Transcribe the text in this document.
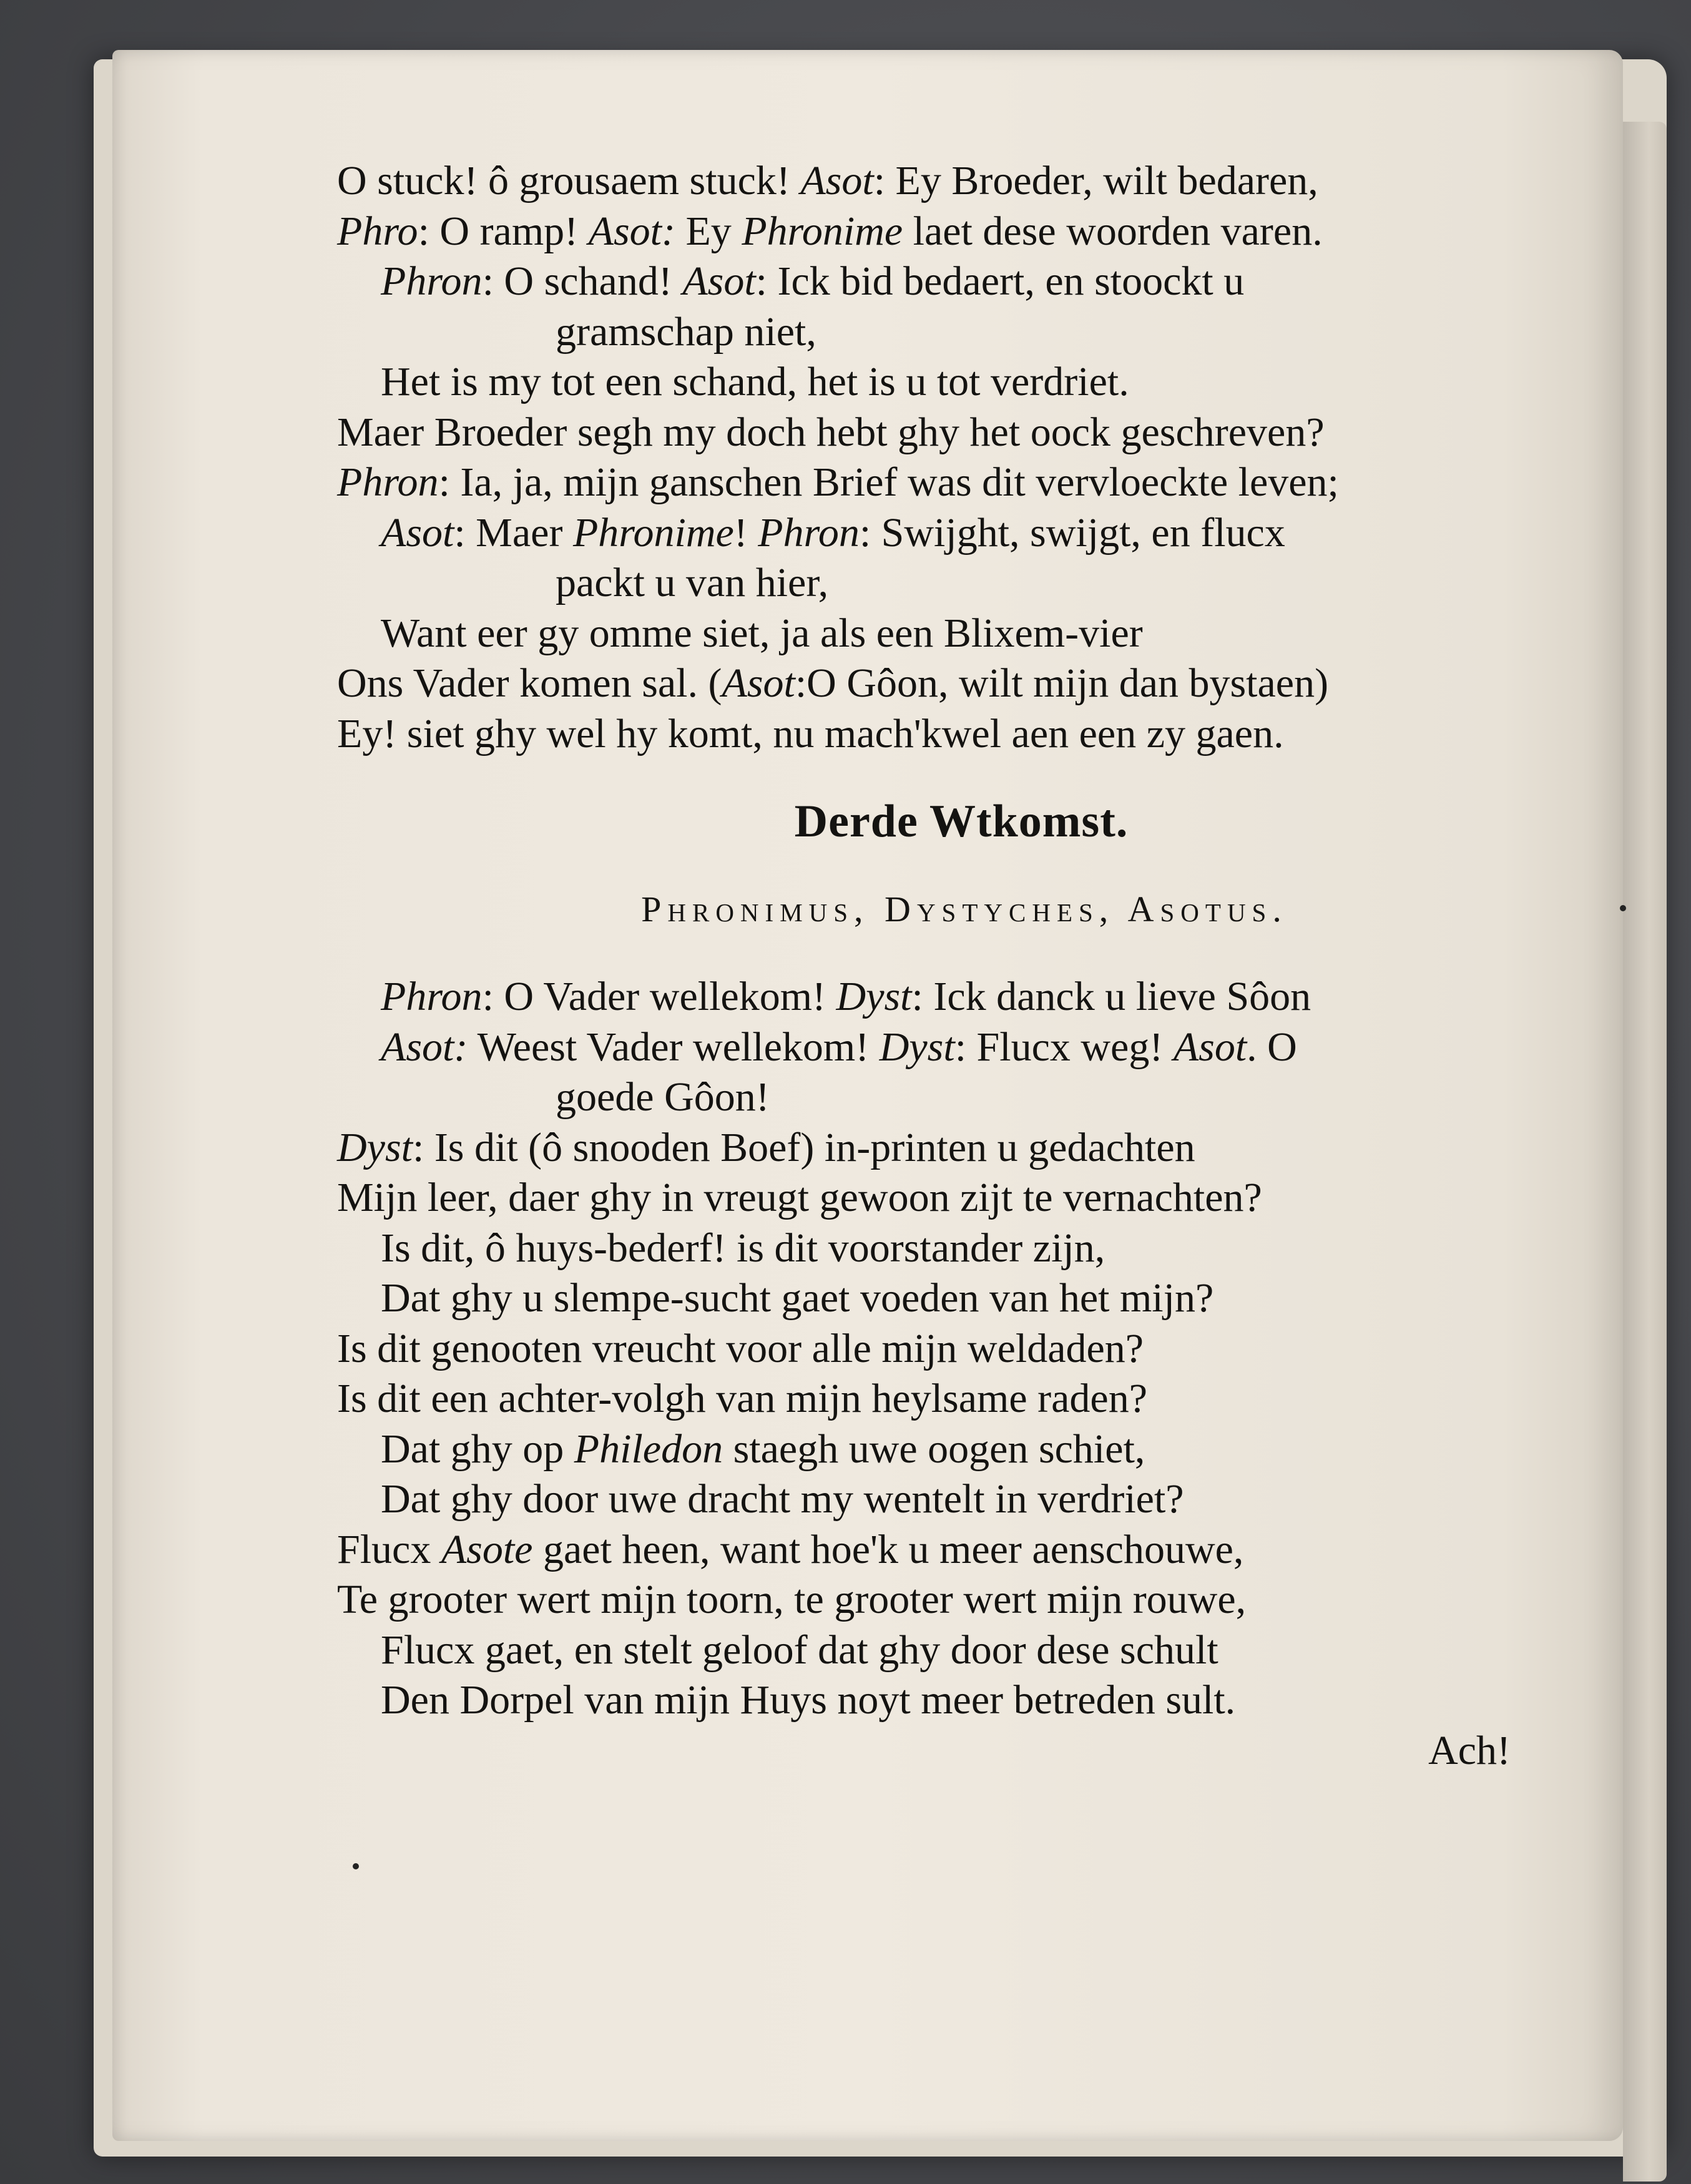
O stuck! ô grousaem stuck! Asot: Ey Broeder, wilt bedaren,
Phro: O ramp! Asot: Ey Phronime laet dese woorden varen.
Phron: O schand! Asot: Ick bid bedaert, en stoockt u
gramschap niet,
Het is my tot een schand, het is u tot verdriet.
Maer Broeder segh my doch hebt ghy het oock geschreven?
Phron: Ia, ja, mijn ganschen Brief was dit vervloeckte leven;
Asot: Maer Phronime! Phron: Swijght, swijgt, en flucx
packt u van hier,
Want eer gy omme siet, ja als een Blixem-vier
Ons Vader komen sal. (Asot:O Gôon, wilt mijn dan bystaen)
Ey! siet ghy wel hy komt, nu mach'kwel aen een zy gaen.
Derde Wtkomst.
Phronimus, Dystyches, Asotus.
Phron: O Vader wellekom! Dyst: Ick danck u lieve Sôon
Asot: Weest Vader wellekom! Dyst: Flucx weg! Asot. O
goede Gôon!
Dyst: Is dit (ô snooden Boef) in-printen u gedachten
Mijn leer, daer ghy in vreugt gewoon zijt te vernachten?
Is dit, ô huys-bederf! is dit voorstander zijn,
Dat ghy u slempe-sucht gaet voeden van het mijn?
Is dit genooten vreucht voor alle mijn weldaden?
Is dit een achter-volgh van mijn heylsame raden?
Dat ghy op Philedon staegh uwe oogen schiet,
Dat ghy door uwe dracht my wentelt in verdriet?
Flucx Asote gaet heen, want hoe'k u meer aenschouwe,
Te grooter wert mijn toorn, te grooter wert mijn rouwe,
Flucx gaet, en stelt geloof dat ghy door dese schult
Den Dorpel van mijn Huys noyt meer betreden sult.
Ach!
